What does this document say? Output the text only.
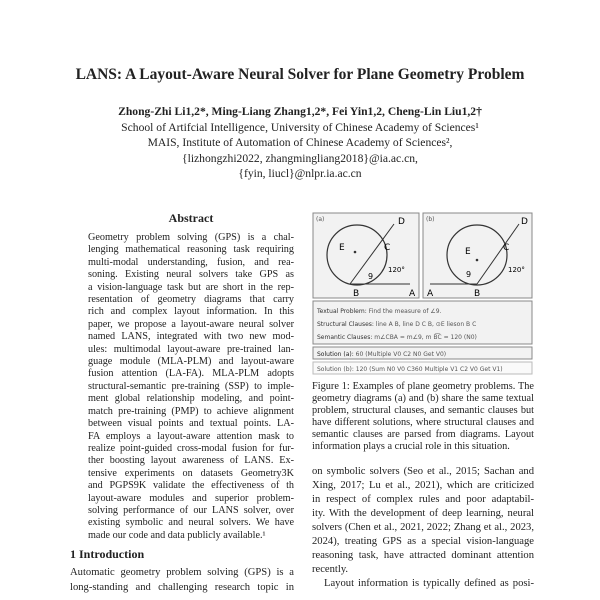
LANS: A Layout-Aware Neural Solver for Plane Geometry Problem
Zhong-Zhi Li1,2*, Ming-Liang Zhang1,2*, Fei Yin1,2, Cheng-Lin Liu1,2†
School of Artifcial Intelligence, University of Chinese Academy of Sciences¹
MAIS, Institute of Automation of Chinese Academy of Sciences²,
{lizhongzhi2022, zhangmingliang2018}@ia.ac.cn,
{fyin, liucl}@nlpr.ia.ac.cn
Abstract
Geometry problem solving (GPS) is a chal-
lenging mathematical reasoning task requiring
multi-modal understanding, fusion, and rea-
soning. Existing neural solvers take GPS as
a vision-language task but are short in the rep-
resentation of geometry diagrams that carry
rich and complex layout information. In this
paper, we propose a layout-aware neural solver
named LANS, integrated with two new mod-
ules: multimodal layout-aware pre-trained lan-
guage module (MLA-PLM) and layout-aware
fusion attention (LA-FA). MLA-PLM adopts
structural-semantic pre-training (SSP) to imple-
ment global relationship modeling, and point-
match pre-training (PMP) to achieve alignment
between visual points and textual points. LA-
FA employs a layout-aware attention mask to
realize point-guided cross-modal fusion for fur-
ther boosting layout awareness of LANS. Ex-
tensive experiments on datasets Geometry3K
and PGPS9K validate the effectiveness of th
layout-aware modules and superior problem-
solving performance of our LANS solver, over
existing symbolic and neural solvers. We have
made our code and data publicly available.¹
1 Introduction
Automatic geometry problem solving (GPS) is a
long-standing and challenging research topic in
(a)
E	C
D
B	A
9
120°
(b)
E	C
D
B
A
9	120°
Textual Problem: Find the measure of ∠9.
Structural Clauses: line A B, line D C B, ⊙E lieson B C
Semantic Clauses: m∠CBA = m∠9, m B͡C = 120 (N0)
Solution (a): 60 (Multiple V0 C2 N0 Get V0)
Solution (b): 120 (Sum N0 V0 C360 Multiple V1 C2 V0 Get V1)
Figure 1: Examples of plane geometry problems. The
geometry diagrams (a) and (b) share the same textual
problem, structural clauses, and semantic clauses but
have different solutions, where structural clauses and
semantic clauses are parsed from diagrams. Layout
information plays a crucial role in this situation.
on symbolic solvers (Seo et al., 2015; Sachan and
Xing, 2017; Lu et al., 2021), which are criticized
in respect of complex rules and poor adaptabil-
ity. With the development of deep learning, neural
solvers (Chen et al., 2021, 2022; Zhang et al., 2023,
2024), treating GPS as a special vision-language
reasoning task, have attracted dominant attention
recently.
Layout information is typically defined as posi-
